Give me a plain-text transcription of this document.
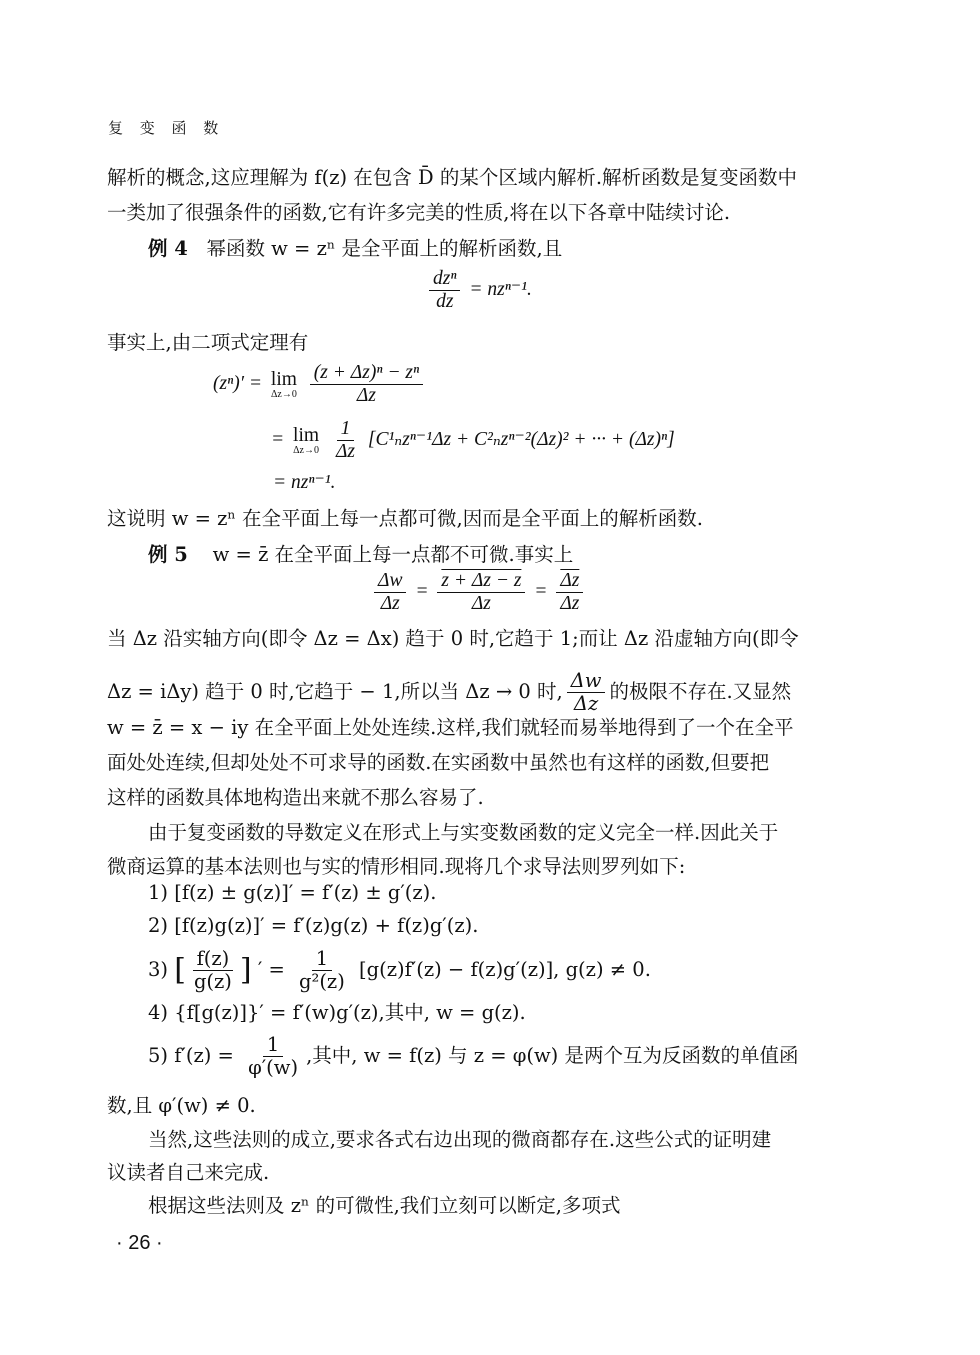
复 变 函 数
解析的概念,这应理解为 f(z) 在包含 D̄ 的某个区域内解析.解析函数是复变函数中
一类加了很强条件的函数,它有许多完美的性质,将在以下各章中陆续讨论.
例 4 幂函数 w = zⁿ 是全平面上的解析函数,且
$\frac{\text{dzⁿ}}{dz} = nz^{n-1}$.
事实上,由二项式定理有
(zⁿ)′ = lim
Δz→0
$\frac{\text{(z + Δz)ⁿ − zⁿ}}{\Delta z}$
= lim
Δz→0
$\frac{1}{\Delta z} [C^1_nz^{n-1}\Delta z + C^2_nz^{n-2}(\Delta z)^2$ + ··· + (Δz)ⁿ]
= nzⁿ⁻¹.
这说明 w = zⁿ 在全平面上每一点都可微,因而是全平面上的解析函数.
例 5 w = z̄ 在全平面上每一点都不可微.事实上
$\frac{\Delta w}{\Delta z} = \frac{z + \Delta z - z}{\Delta z} = \frac{\overline{\Delta z}}{\Delta z}$
当 Δz 沿实轴方向(即令 Δz = Δx) 趋于 0 时,它趋于 1;而让 Δz 沿虚轴方向(即令
Δz = iΔy) 趋于 0 时,它趋于 − 1,所以当 Δz → 0 时, $\frac{\Delta w}{\Delta z}$ 的极限不存在.又显然
w = z̄ = x − iy 在全平面上处处连续.这样,我们就轻而易举地得到了一个在全平
面处处连续,但却处处不可求导的函数.在实函数中虽然也有这样的函数,但要把
这样的函数具体地构造出来就不那么容易了.
由于复变函数的导数定义在形式上与实变数函数的定义完全一样.因此关于
微商运算的基本法则也与实的情形相同.现将几个求导法则罗列如下:
1) [f(z) ± g(z)]′ = f′(z) ± g′(z).
2) [f(z)g(z)]′ = f′(z)g(z) + f(z)g′(z).
3) [ $\frac{f(z)}{g(z)}$ ] ′ = $\frac{1}{\text{g²(z)}} [g(z)f'(z) - f(z)g'(z)]$, g(z) ≠ 0.
4) {f[g(z)]}′ = f′(w)g′(z),其中, w = g(z).
5) $f'(z) = \frac{1}{\varphi'(w)}$ ,其中, w = f(z) 与 z = φ(w) 是两个互为反函数的单值函
数,且 φ′(w) ≠ 0.
当然,这些法则的成立,要求各式右边出现的微商都存在.这些公式的证明建
议读者自己来完成.
根据这些法则及 zⁿ 的可微性,我们立刻可以断定,多项式
· 26 ·
